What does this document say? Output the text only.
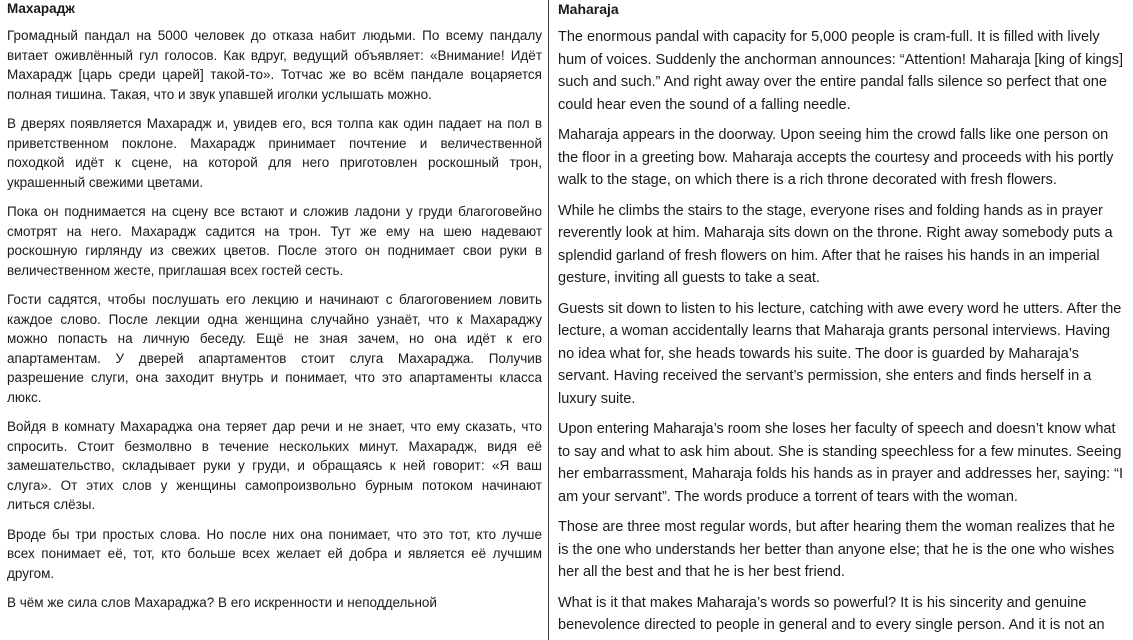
Махарадж

Громадный пандал на 5000 человек до отказа набит людьми. По всему пандалу витает оживлённый гул голосов. Как вдруг, ведущий объявляет: «Внимание! Идёт Махарадж [царь среди царей] такой-то». Тотчас же во всём пандале воцаряется полная тишина. Такая, что и звук упавшей иголки услышать можно.

В дверях появляется Махарадж и, увидев его, вся толпа как один падает на пол в приветственном поклоне. Махарадж принимает почтение и величественной походкой идёт к сцене, на которой для него приготовлен роскошный трон, украшенный свежими цветами.

Пока он поднимается на сцену все встают и сложив ладони у груди благоговейно смотрят на него. Махарадж садится на трон. Тут же ему на шею надевают роскошную гирлянду из свежих цветов. После этого он поднимает свои руки в величественном жесте, приглашая всех гостей сесть.

Гости садятся, чтобы послушать его лекцию и начинают с благоговением ловить каждое слово. После лекции одна женщина случайно узнаёт, что к Махараджу можно попасть на личную беседу. Ещё не зная зачем, но она идёт к его апартаментам. У дверей апартаментов стоит слуга Махараджа. Получив разрешение слуги, она заходит внутрь и понимает, что это апартаменты класса люкс.

Войдя в комнату Махараджа она теряет дар речи и не знает, что ему сказать, что спросить. Стоит безмолвно в течение нескольких минут. Махарадж, видя её замешательство, складывает руки у груди, и обращаясь к ней говорит: «Я ваш слуга». От этих слов у женщины самопроизвольно бурным потоком начинают литься слёзы.

Вроде бы три простых слова. Но после них она понимает, что это тот, кто лучше всех понимает её, тот, кто больше всех желает ей добра и является её лучшим другом.

В чём же сила слов Махараджа? В его искренности и неподдельной

Maharaja

The enormous pandal with capacity for 5,000 people is cram-full. It is filled with lively hum of voices. Suddenly the anchorman announces: “Attention! Maharaja [king of kings] such and such.” And right away over the entire pandal falls silence so perfect that one could hear even the sound of a falling needle.

Maharaja appears in the doorway. Upon seeing him the crowd falls like one person on the floor in a greeting bow. Maharaja accepts the courtesy and proceeds with his portly walk to the stage, on which there is a rich throne decorated with fresh flowers.

While he climbs the stairs to the stage, everyone rises and folding hands as in prayer reverently look at him. Maharaja sits down on the throne. Right away somebody puts a splendid garland of fresh flowers on him. After that he raises his hands in an imperial gesture, inviting all guests to take a seat.

Guests sit down to listen to his lecture, catching with awe every word he utters. After the lecture, a woman accidentally learns that Maharaja grants personal interviews. Having no idea what for, she heads towards his suite. The door is guarded by Maharaja’s servant. Having received the servant’s permission, she enters and finds herself in a luxury suite.

Upon entering Maharaja’s room she loses her faculty of speech and doesn’t know what to say and what to ask him about. She is standing speechless for a few minutes. Seeing her embarrassment, Maharaja folds his hands as in prayer and addresses her, saying: “I am your servant”. The words produce a torrent of tears with the woman.

Those are three most regular words, but after hearing them the woman realizes that he is the one who understands her better than anyone else; that he is the one who wishes her all the best and that he is her best friend.

What is it that makes Maharaja’s words so powerful? It is his sincerity and genuine benevolence directed to people in general and to every single person. And it is not an
